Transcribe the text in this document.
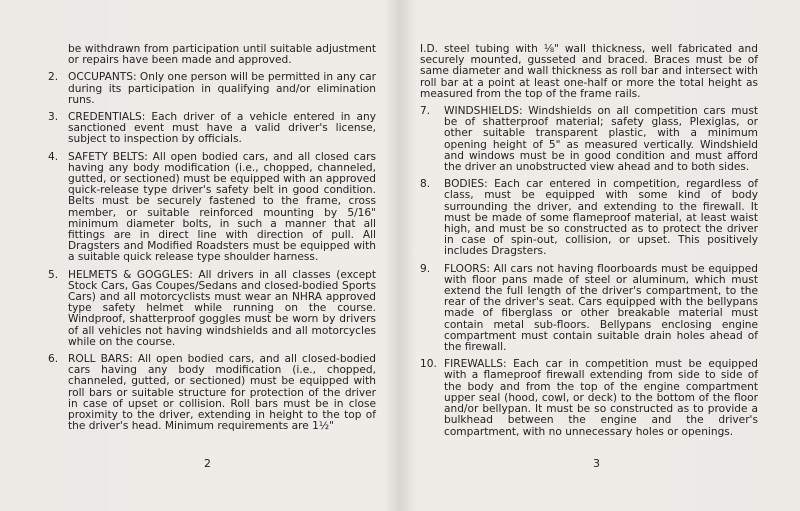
be withdrawn from participation until suitable adjustment or repairs have been made and approved.
2. OCCUPANTS: Only one person will be permitted in any car during its participation in qualifying and/or elimination runs.
3. CREDENTIALS: Each driver of a vehicle entered in any sanctioned event must have a valid driver's license, subject to inspection by officials.
4. SAFETY BELTS: All open bodied cars, and all closed cars having any body modification (i.e., chopped, channeled, gutted, or sectioned) must be equipped with an approved quick-release type driver's safety belt in good condition. Belts must be securely fastened to the frame, cross member, or suitable reinforced mounting by 5/16" minimum diameter bolts, in such a manner that all fittings are in direct line with direction of pull. All Dragsters and Modified Roadsters must be equipped with a suitable quick release type shoulder harness.
5. HELMETS & GOGGLES: All drivers in all classes (except Stock Cars, Gas Coupes/Sedans and closed-bodied Sports Cars) and all motorcyclists must wear an NHRA approved type safety helmet while running on the course. Windproof, shatterproof goggles must be worn by drivers of all vehicles not having windshields and all motorcycles while on the course.
6. ROLL BARS: All open bodied cars, and all closed-bodied cars having any body modification (i.e., chopped, channeled, gutted, or sectioned) must be equipped with roll bars or suitable structure for protection of the driver in case of upset or collision. Roll bars must be in close proximity to the driver, extending in height to the top of the driver's head. Minimum requirements are 1½"
2
I.D. steel tubing with ⅛" wall thickness, well fabricated and securely mounted, gusseted and braced. Braces must be of same diameter and wall thickness as roll bar and intersect with roll bar at a point at least one-half or more the total height as measured from the top of the frame rails.
7. WINDSHIELDS: Windshields on all competition cars must be of shatterproof material; safety glass, Plexiglas, or other suitable transparent plastic, with a minimum opening height of 5" as measured vertically. Windshield and windows must be in good condition and must afford the driver an unobstructed view ahead and to both sides.
8. BODIES: Each car entered in competition, regardless of class, must be equipped with some kind of body surrounding the driver, and extending to the firewall. It must be made of some flameproof material, at least waist high, and must be so constructed as to protect the driver in case of spin-out, collision, or upset. This positively includes Dragsters.
9. FLOORS: All cars not having floorboards must be equipped with floor pans made of steel or aluminum, which must extend the full length of the driver's compartment, to the rear of the driver's seat. Cars equipped with the bellypans made of fiberglass or other breakable material must contain metal sub-floors. Bellypans enclosing engine compartment must contain suitable drain holes ahead of the firewall.
10. FIREWALLS: Each car in competition must be equipped with a flameproof firewall extending from side to side of the body and from the top of the engine compartment upper seal (hood, cowl, or deck) to the bottom of the floor and/or bellypan. It must be so constructed as to provide a bulkhead between the engine and the driver's compartment, with no unnecessary holes or openings.
3
